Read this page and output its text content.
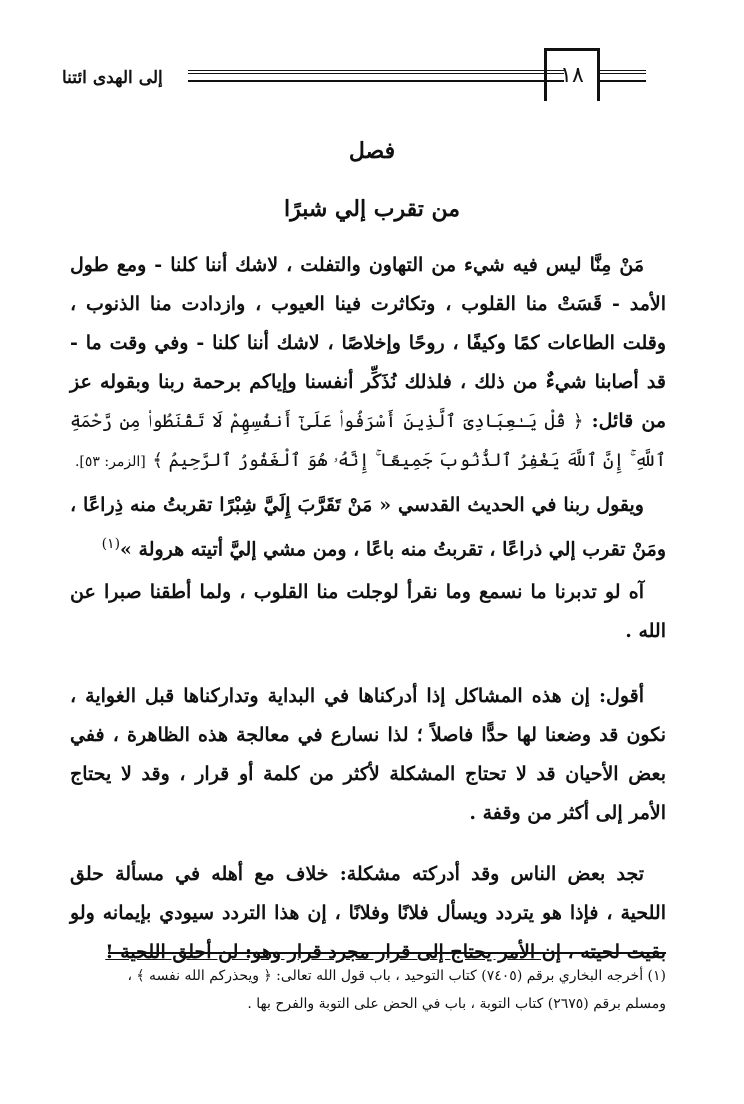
إلى الهدى ائتنا	١٨
فصل
من تقرب إلي شبرًا

مَنْ مِنَّا ليس فيه شيء من التهاون والتفلت ، لاشك أننا كلنا - ومع طول الأمد - قَسَتْ منا القلوب ، وتكاثرت فينا العيوب ، وازدادت منا الذنوب ، وقلت الطاعات كمًا وكيفًا ، روحًا وإخلاصًا ، لاشك أننا كلنا - وفي وقت ما - قد أصابنا شيءٌ من ذلك ، فلذلك نُذَكِّر أنفسنا وإياكم برحمة ربنا وبقوله عز من قائل: ﴿ قُلْ يَـٰعِبَادِىَ ٱلَّذِينَ أَسْرَفُوا۟ عَلَىٰٓ أَنفُسِهِمْ لَا تَقْنَطُوا۟ مِن رَّحْمَةِ ٱللَّهِ ۚ إِنَّ ٱللَّهَ يَغْفِرُ ٱلذُّنُوبَ جَمِيعًا ۚ إِنَّهُۥ هُوَ ٱلْغَفُورُ ٱلرَّحِيمُ ﴾ [الزمر: ٥٣].

ويقول ربنا في الحديث القدسي « مَنْ تَقَرَّبَ إِلَيَّ شِبْرًا تقربتُ منه ذِراعًا ، ومَنْ تقرب إلي ذراعًا ، تقربتُ منه باعًا ، ومن مشي إليَّ أتيته هرولة »$^{(١)}$

آه لو تدبرنا ما نسمع وما نقرأ لوجلت منا القلوب ، ولما أطقنا صبرا عن الله .

أقول: إن هذه المشاكل إذا أدركناها في البداية وتداركناها قبل الغواية ، نكون قد وضعنا لها حدًّا فاصلاً ؛ لذا نسارع في معالجة هذه الظاهرة ، ففي بعض الأحيان قد لا تحتاج المشكلة لأكثر من كلمة أو قرار ، وقد لا يحتاج الأمر إلى أكثر من وقفة .

تجد بعض الناس وقد أدركته مشكلة: خلاف مع أهله في مسألة حلق اللحية ، فإذا هو يتردد ويسأل فلانًا وفلانًا ، إن هذا التردد سيودي بإيمانه ولو بقيت لحيته ، إن الأمر يحتاج إلى قرار مجرد قرار وهو: لن أحلق اللحية !

(١) أخرجه البخاري برقم (٧٤٠٥) كتاب التوحيد ، باب قول الله تعالى: ﴿ ويحذركم الله نفسه ﴾ ،

ومسلم برقم (٢٦٧٥) كتاب التوبة ، باب في الحض على التوبة والفرح بها .
